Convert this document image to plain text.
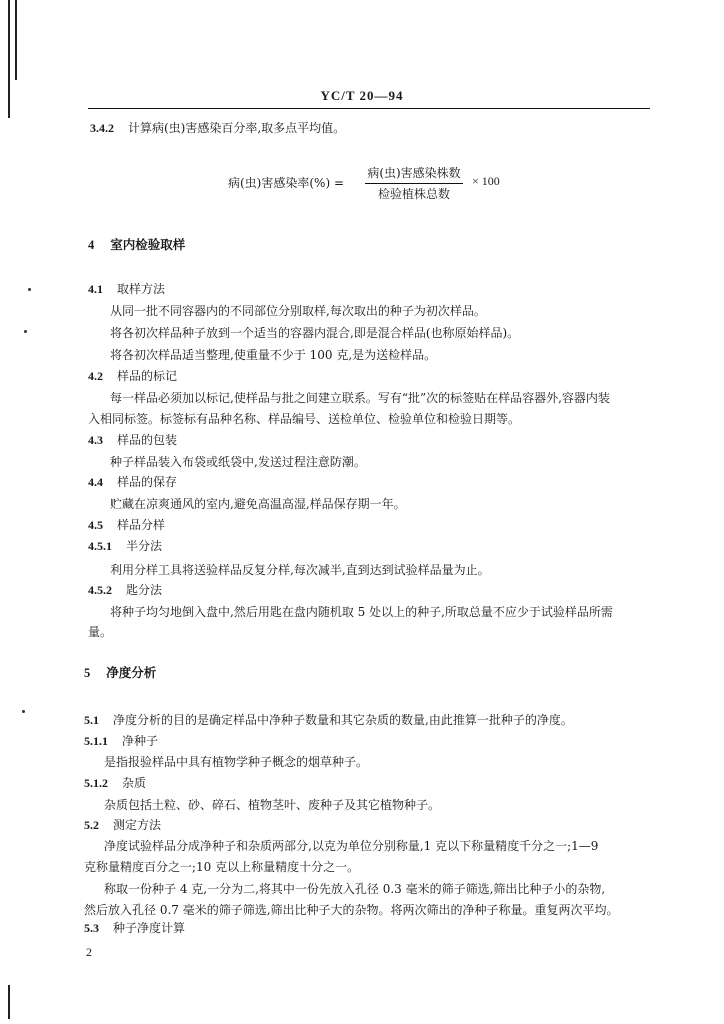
YC/T 20—94
3.4.2 计算病(虫)害感染百分率,取多点平均值。
病(虫)害感染率(%) =
病(虫)害感染株数
检验植株总数
× 100
4 室内检验取样
4.1 取样方法
从同一批不同容器内的不同部位分别取样,每次取出的种子为初次样品。
将各初次样品种子放到一个适当的容器内混合,即是混合样品(也称原始样品)。
将各初次样品适当整理,使重量不少于 100 克,是为送检样品。
4.2 样品的标记
每一样品必须加以标记,使样品与批之间建立联系。写有“批”次的标签贴在样品容器外,容器内装
入相同标签。标签标有品种名称、样品编号、送检单位、检验单位和检验日期等。
4.3 样品的包装
种子样品装入布袋或纸袋中,发送过程注意防潮。
4.4 样品的保存
贮藏在凉爽通风的室内,避免高温高湿,样品保存期一年。
4.5 样品分样
4.5.1 半分法
利用分样工具将送验样品反复分样,每次减半,直到达到试验样品量为止。
4.5.2 匙分法
将种子均匀地倒入盘中,然后用匙在盘内随机取 5 处以上的种子,所取总量不应少于试验样品所需
量。
5 净度分析
5.1 净度分析的目的是确定样品中净种子数量和其它杂质的数量,由此推算一批种子的净度。
5.1.1 净种子
是指报验样品中具有植物学种子概念的烟草种子。
5.1.2 杂质
杂质包括土粒、砂、碎石、植物茎叶、废种子及其它植物种子。
5.2 测定方法
净度试验样品分成净种子和杂质两部分,以克为单位分别称量,1 克以下称量精度千分之一;1—9
克称量精度百分之一;10 克以上称量精度十分之一。
称取一份种子 4 克,一分为二,将其中一份先放入孔径 0.3 毫米的筛子筛选,筛出比种子小的杂物,
然后放入孔径 0.7 毫米的筛子筛选,筛出比种子大的杂物。将两次筛出的净种子称量。重复两次平均。
5.3 种子净度计算
2
